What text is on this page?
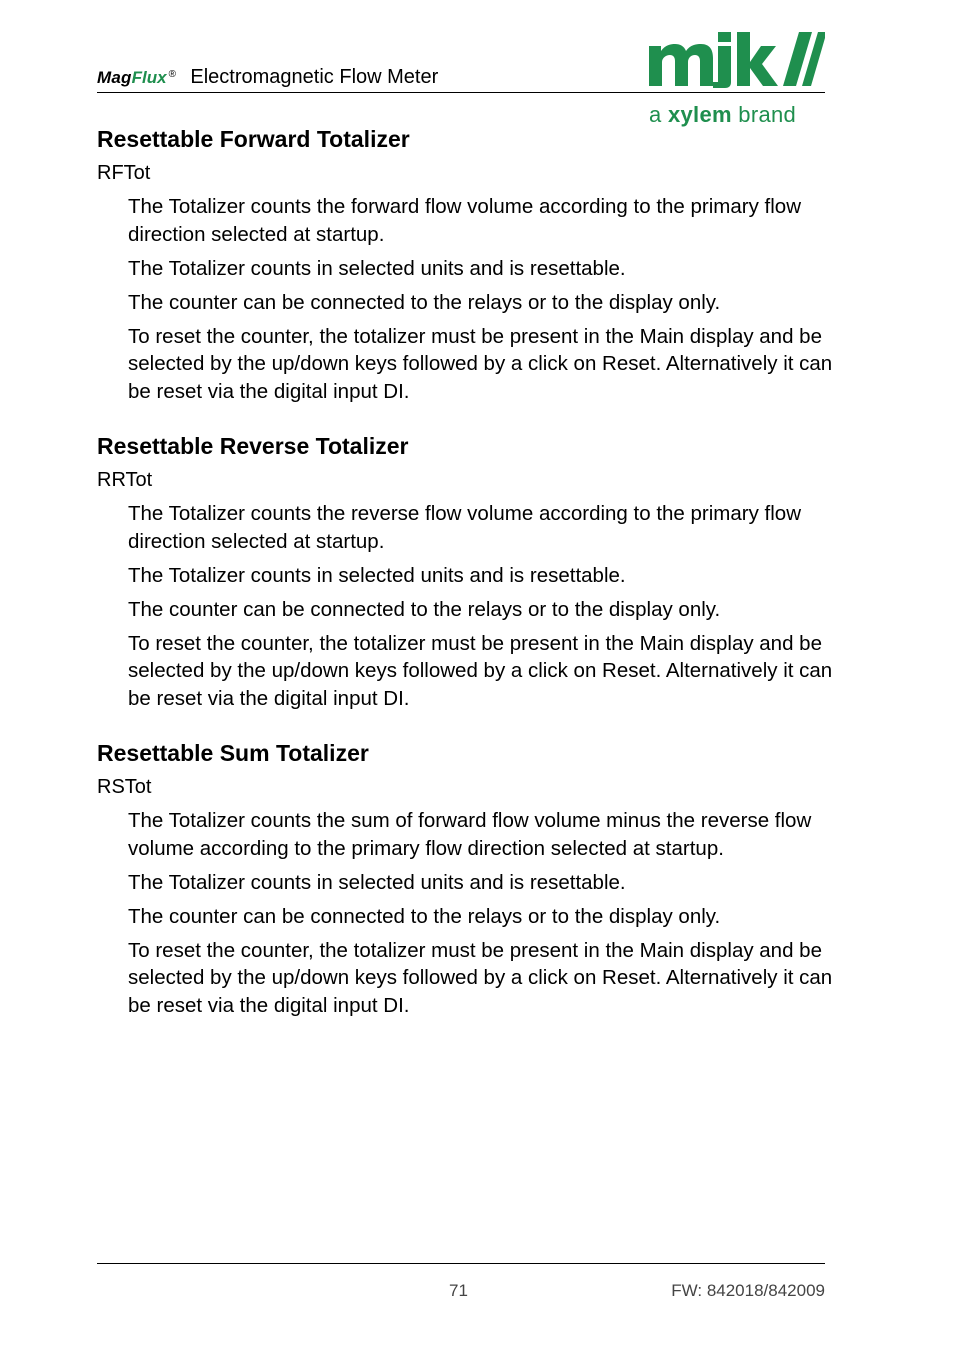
MagFlux ® Electromagnetic Flow Meter
a xylem brand
Resettable Forward Totalizer
RFTot

The Totalizer counts the forward flow volume according to the primary flow direction selected at startup.

The Totalizer counts in selected units and is resettable.

The counter can be connected to the relays or to the display only.

To reset the counter, the totalizer must be present in the Main display and be selected by the up/down keys followed by a click on Reset. Alternatively it can be reset via the digital input DI.

Resettable Reverse Totalizer
RRTot

The Totalizer counts the reverse flow volume according to the primary flow direction selected at startup.

The Totalizer counts in selected units and is resettable.

The counter can be connected to the relays or to the display only.

To reset the counter, the totalizer must be present in the Main display and be selected by the up/down keys followed by a click on Reset. Alternatively it can be reset via the digital input DI.

Resettable Sum Totalizer
RSTot

The Totalizer counts the sum of forward flow volume minus the reverse flow volume according to the primary flow direction selected at startup.

The Totalizer counts in selected units and is resettable.

The counter can be connected to the relays or to the display only.

To reset the counter, the totalizer must be present in the Main display and be selected by the up/down keys followed by a click on Reset. Alternatively it can be reset via the digital input DI.

71	FW: 842018/842009
